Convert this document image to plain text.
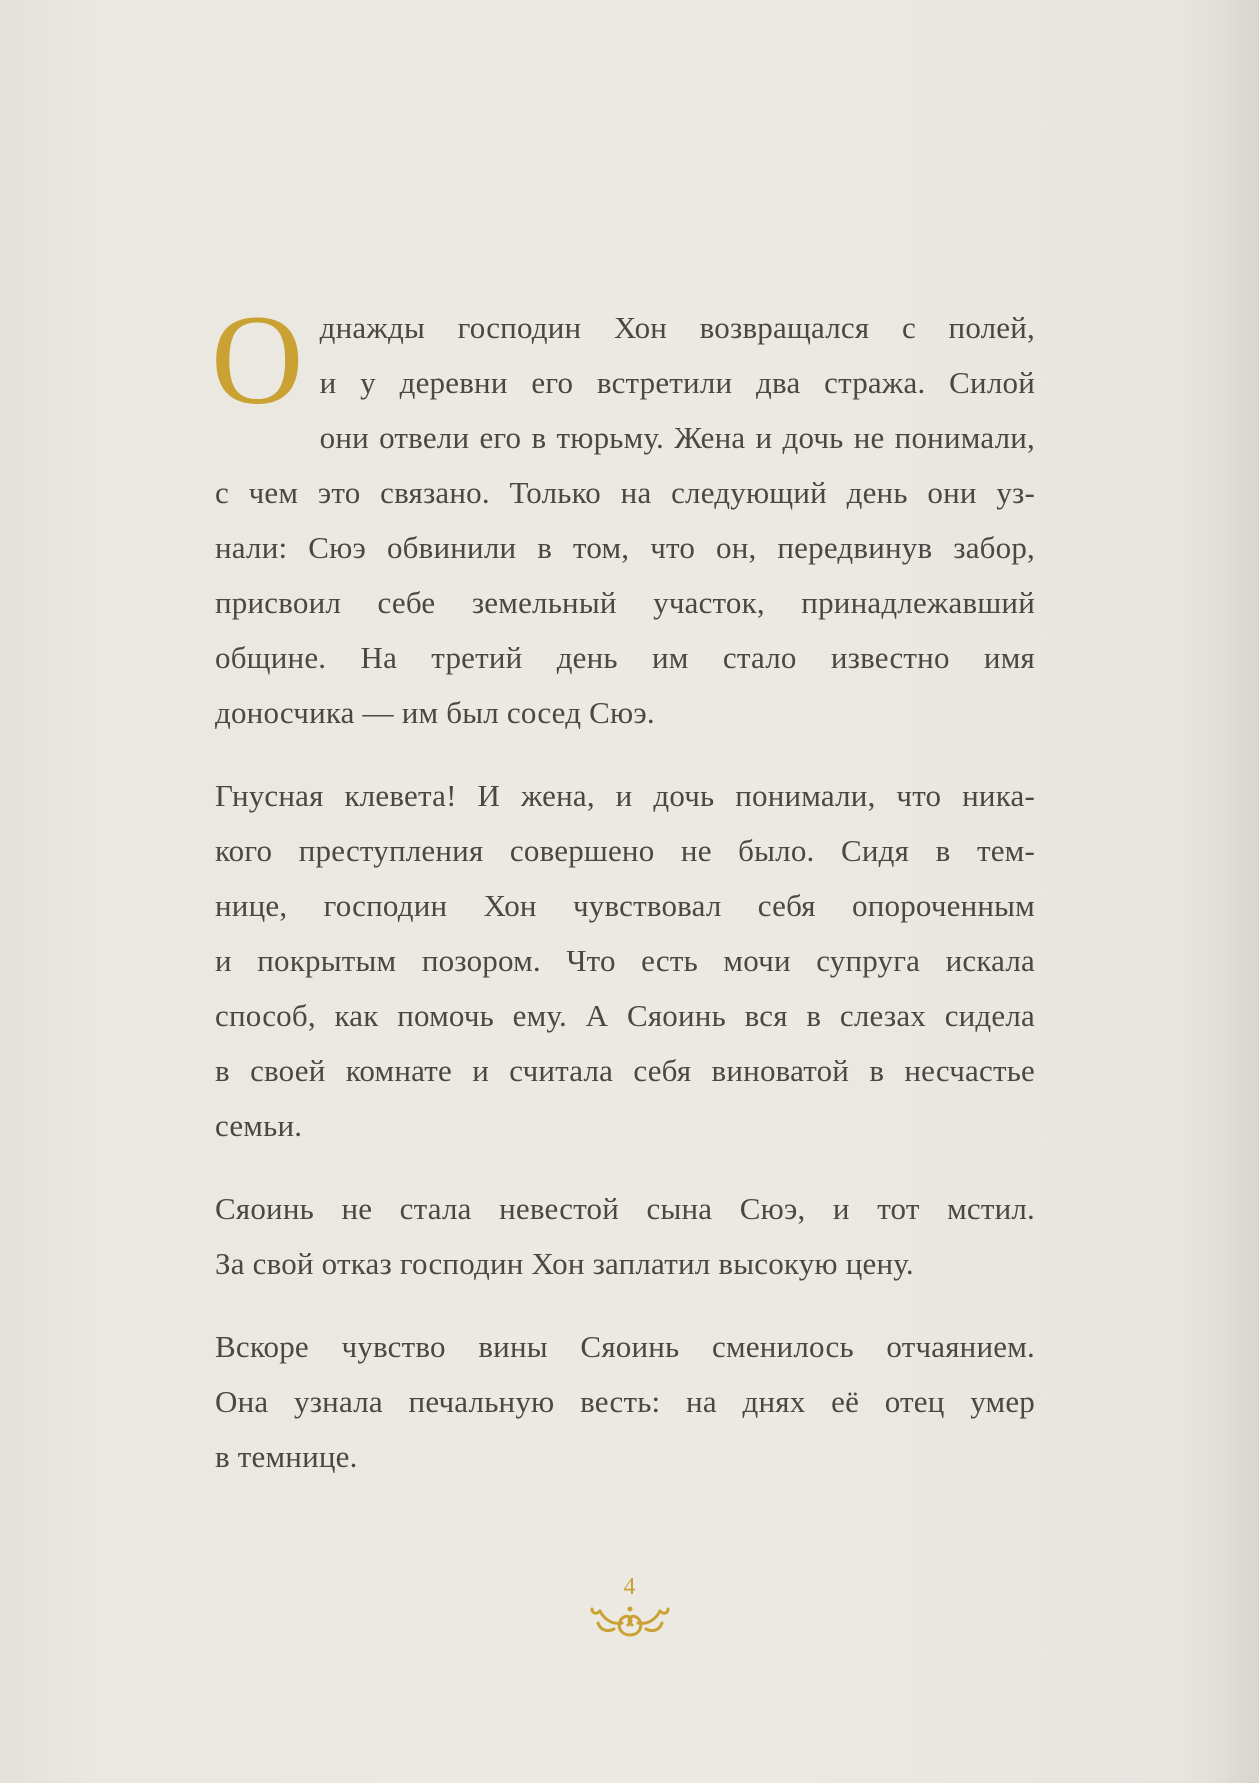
О днажды господин Хон возвращался с полей,
и у деревни его встретили два стража. Силой
они отвели его в тюрьму. Жена и дочь не понимали,
с чем это связано. Только на следующий день они уз-
нали: Сюэ обвинили в том, что он, передвинув забор,
присвоил себе земельный участок, принадлежавший
общине. На третий день им стало известно имя
доносчика — им был сосед Сюэ.
Гнусная клевета! И жена, и дочь понимали, что ника-
кого преступления совершено не было. Сидя в тем-
нице, господин Хон чувствовал себя опороченным
и покрытым позором. Что есть мочи супруга искала
способ, как помочь ему. А Сяоинь вся в слезах сидела
в своей комнате и считала себя виноватой в несчастье
семьи.
Сяоинь не стала невестой сына Сюэ, и тот мстил.
За свой отказ господин Хон заплатил высокую цену.
Вскоре чувство вины Сяоинь сменилось отчаянием.
Она узнала печальную весть: на днях её отец умер
в темнице.
4
